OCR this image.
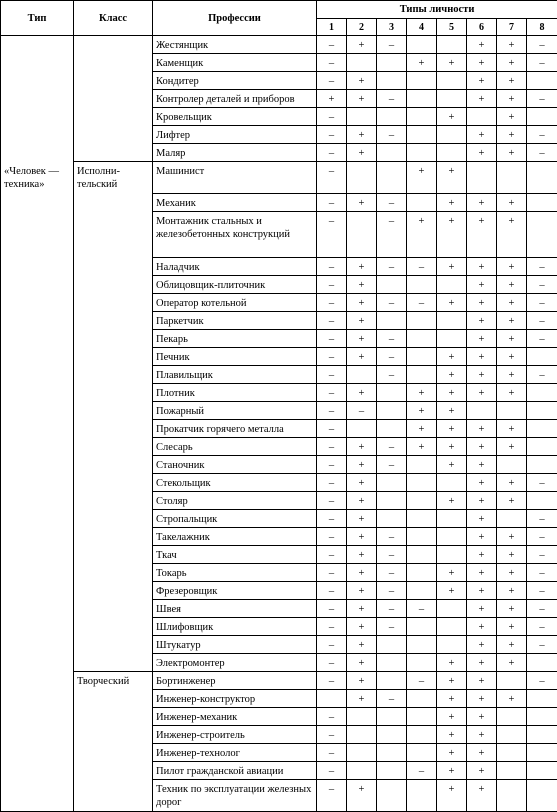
Тип	Класс	Профессии	Типы личности							
			1	2	3	4	5	6	7	8
		Жестянщик	–	+	–			+	+	–
		Каменщик	–			+	+	+	+	–
		Кондитер	–	+				+	+	
		Контролер деталей и приборов	+	+	–			+	+	–
		Кровельщик	–				+		+	
		Лифтер	–	+	–			+	+	–
		Маляр	–	+				+	+	–
«Человек — техника»	Исполни-тельский	Машинист	–			+	+			
		Механик	–	+	–		+	+	+	
		Монтажник стальных и железобетонных конструкций	–		–	+	+	+	+	
		Наладчик	–	+	–	–	+	+	+	–
		Облицовщик-плиточник	–	+				+	+	–
		Оператор котельной	–	+	–	–	+	+	+	–
		Паркетчик	–	+				+	+	–
		Пекарь	–	+	–			+	+	–
		Печник	–	+	–		+	+	+	
		Плавильщик	–		–		+	+	+	–
		Плотник	–	+		+	+	+	+	
		Пожарный	–	–		+	+			
		Прокатчик горячего металла	–			+	+	+	+	
		Слесарь	–	+	–	+	+	+	+	
		Станочник	–	+	–		+	+		
		Стекольщик	–	+				+	+	–
		Столяр	–	+			+	+	+	
		Стропальщик	–	+				+		–
		Такелажник	–	+	–			+	+	–
		Ткач	–	+	–			+	+	–
		Токарь	–	+	–		+	+	+	–
		Фрезеровщик	–	+	–		+	+	+	–
		Швея	–	+	–	–		+	+	–
		Шлифовщик	–	+	–			+	+	–
		Штукатур	–	+				+	+	–
		Электромонтер	–	+			+	+	+	
	Творческий	Бортинженер	–	+		–	+	+		–
		Инженер-конструктор		+	–		+	+	+	
		Инженер-механик	–				+	+		
		Инженер-строитель	–				+	+		
		Инженер-технолог	–				+	+		
		Пилот гражданской авиации	–			–	+	+		
		Техник по эксплуатации железных дорог	–	+			+	+		
